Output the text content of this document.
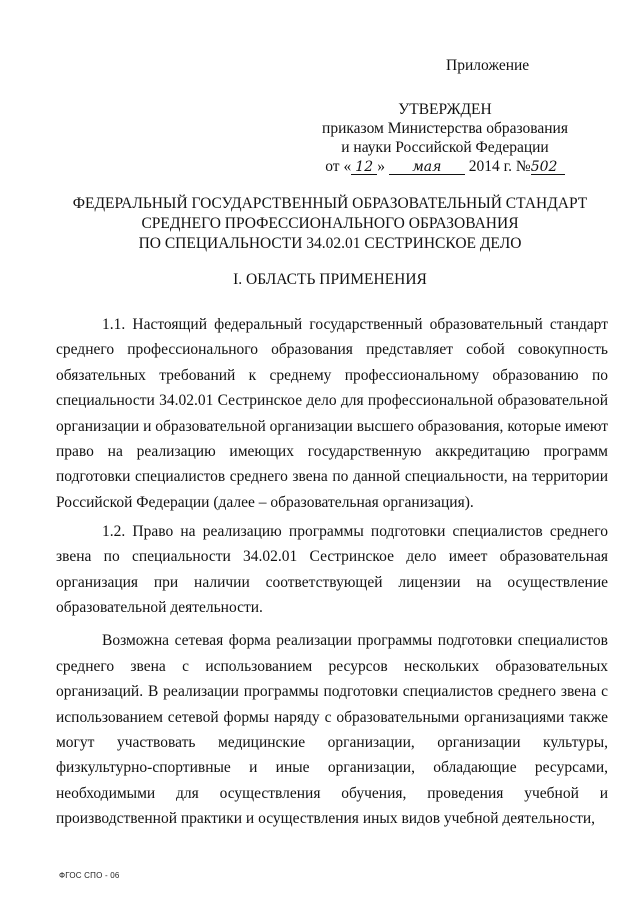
Приложение
УТВЕРЖДЕН
приказом Министерства образования
и науки Российской Федерации
от « 12 » мая 2014 г. №502
ФЕДЕРАЛЬНЫЙ ГОСУДАРСТВЕННЫЙ ОБРАЗОВАТЕЛЬНЫЙ СТАНДАРТ
СРЕДНЕГО ПРОФЕССИОНАЛЬНОГО ОБРАЗОВАНИЯ
ПО СПЕЦИАЛЬНОСТИ 34.02.01 СЕСТРИНСКОЕ ДЕЛО
I. ОБЛАСТЬ ПРИМЕНЕНИЯ

1.1. Настоящий федеральный государственный образовательный стандарт среднего профессионального образования представляет собой совокупность обязательных требований к среднему профессиональному образованию по специальности 34.02.01 Сестринское дело для профессиональной образовательной организации и образовательной организации высшего образования, которые имеют право на реализацию имеющих государственную аккредитацию программ подготовки специалистов среднего звена по данной специальности, на территории Российской Федерации (далее – образовательная организация).

1.2. Право на реализацию программы подготовки специалистов среднего звена по специальности 34.02.01 Сестринское дело имеет образовательная организация при наличии соответствующей лицензии на осуществление образовательной деятельности.

Возможна сетевая форма реализации программы подготовки специалистов среднего звена с использованием ресурсов нескольких образовательных организаций. В реализации программы подготовки специалистов среднего звена с использованием сетевой формы наряду с образовательными организациями также могут участвовать медицинские организации, организации культуры, физкультурно-спортивные и иные организации, обладающие ресурсами, необходимыми для осуществления обучения, проведения учебной и производственной практики и осуществления иных видов учебной деятельности,

ФГОС СПО - 06
